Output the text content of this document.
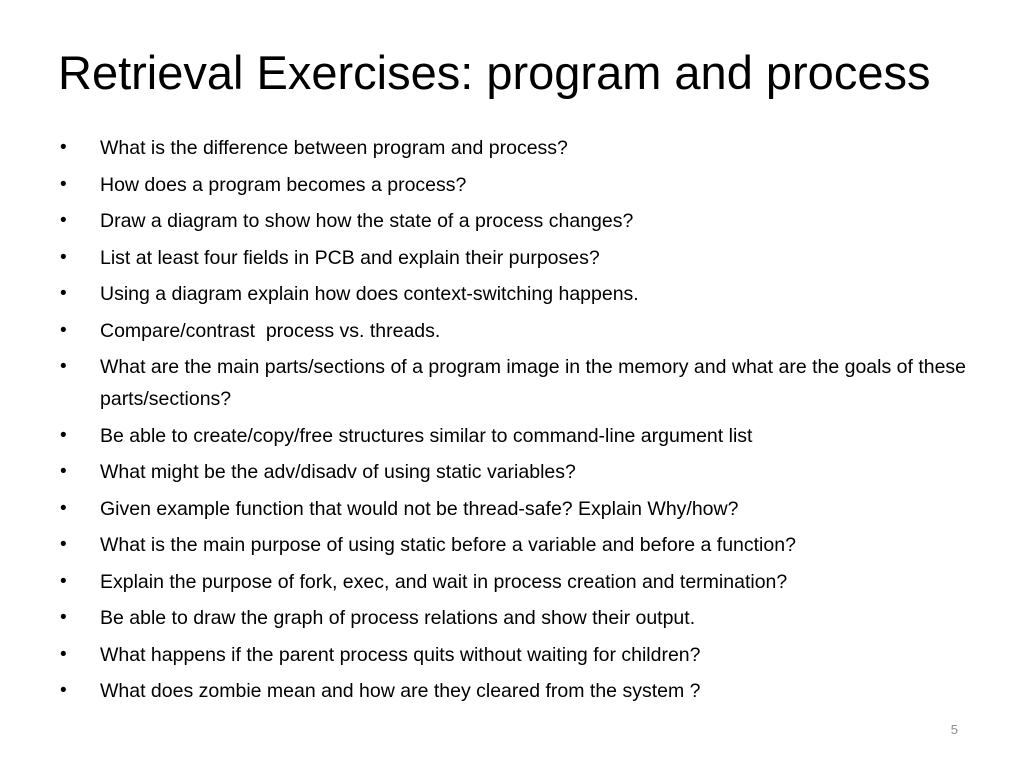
Retrieval Exercises: program and process
•	What is the difference between program and process?
•	How does a program becomes a process?
•	Draw a diagram to show how the state of a process changes?
•	List at least four fields in PCB and explain their purposes?
•	Using a diagram explain how does context-switching happens.
•	Compare/contrast  process vs. threads.
•	What are the main parts/sections of a program image in the memory and what are the goals of these parts/sections?
•	Be able to create/copy/free structures similar to command-line argument list
•	What might be the adv/disadv of using static variables?
•	Given example function that would not be thread-safe? Explain Why/how?
•	What is the main purpose of using static before a variable and before a function?
•	Explain the purpose of fork, exec, and wait in process creation and termination?
•	Be able to draw the graph of process relations and show their output.
•	What happens if the parent process quits without waiting for children?
•	What does zombie mean and how are they cleared from the system ?
5
